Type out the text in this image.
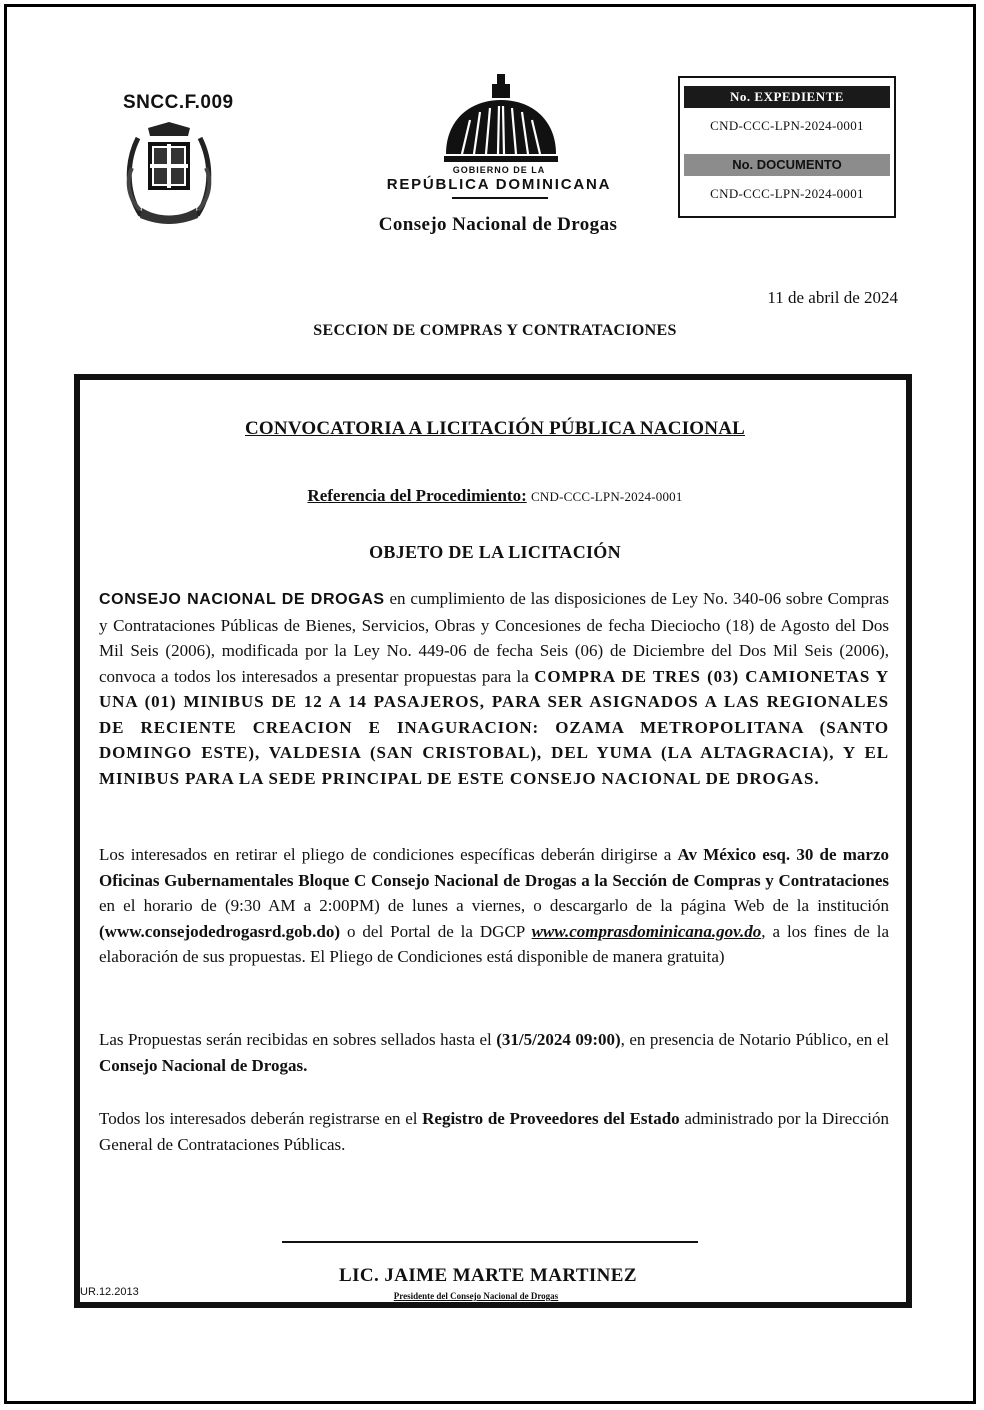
SNCC.F.009
GOBIERNO DE LA
REPÚBLICA DOMINICANA
Consejo Nacional de Drogas
No. EXPEDIENTE
CND-CCC-LPN-2024-0001
No. DOCUMENTO
CND-CCC-LPN-2024-0001
11 de abril de 2024
SECCION DE COMPRAS Y CONTRATACIONES
CONVOCATORIA A LICITACIÓN PÚBLICA NACIONAL
Referencia del Procedimiento: CND-CCC-LPN-2024-0001
OBJETO DE LA LICITACIÓN
CONSEJO NACIONAL DE DROGAS en cumplimiento de las disposiciones de Ley No. 340-06 sobre Compras y Contrataciones Públicas de Bienes, Servicios, Obras y Concesiones de fecha Dieciocho (18) de Agosto del Dos Mil Seis (2006), modificada por la Ley No. 449-06 de fecha Seis (06) de Diciembre del Dos Mil Seis (2006), convoca a todos los interesados a presentar propuestas para la COMPRA DE TRES (03) CAMIONETAS Y UNA (01) MINIBUS DE 12 A 14 PASAJEROS, PARA SER ASIGNADOS A LAS REGIONALES DE RECIENTE CREACION E INAGURACION: OZAMA METROPOLITANA (SANTO DOMINGO ESTE), VALDESIA (SAN CRISTOBAL), DEL YUMA (LA ALTAGRACIA), Y EL MINIBUS PARA LA SEDE PRINCIPAL DE ESTE CONSEJO NACIONAL DE DROGAS.
Los interesados en retirar el pliego de condiciones específicas deberán dirigirse a Av México esq. 30 de marzo Oficinas Gubernamentales Bloque C Consejo Nacional de Drogas a la Sección de Compras y Contrataciones en el horario de (9:30 AM a 2:00PM) de lunes a viernes, o descargarlo de la página Web de la institución (www.consejodedrogasrd.gob.do) o del Portal de la DGCP www.comprasdominicana.gov.do, a los fines de la elaboración de sus propuestas. El Pliego de Condiciones está disponible de manera gratuita)
Las Propuestas serán recibidas en sobres sellados hasta el (31/5/2024 09:00), en presencia de Notario Público, en el Consejo Nacional de Drogas.
Todos los interesados deberán registrarse en el Registro de Proveedores del Estado administrado por la Dirección General de Contrataciones Públicas.
LIC. JAIME MARTE MARTINEZ
Presidente del Consejo Nacional de Drogas
UR.12.2013
